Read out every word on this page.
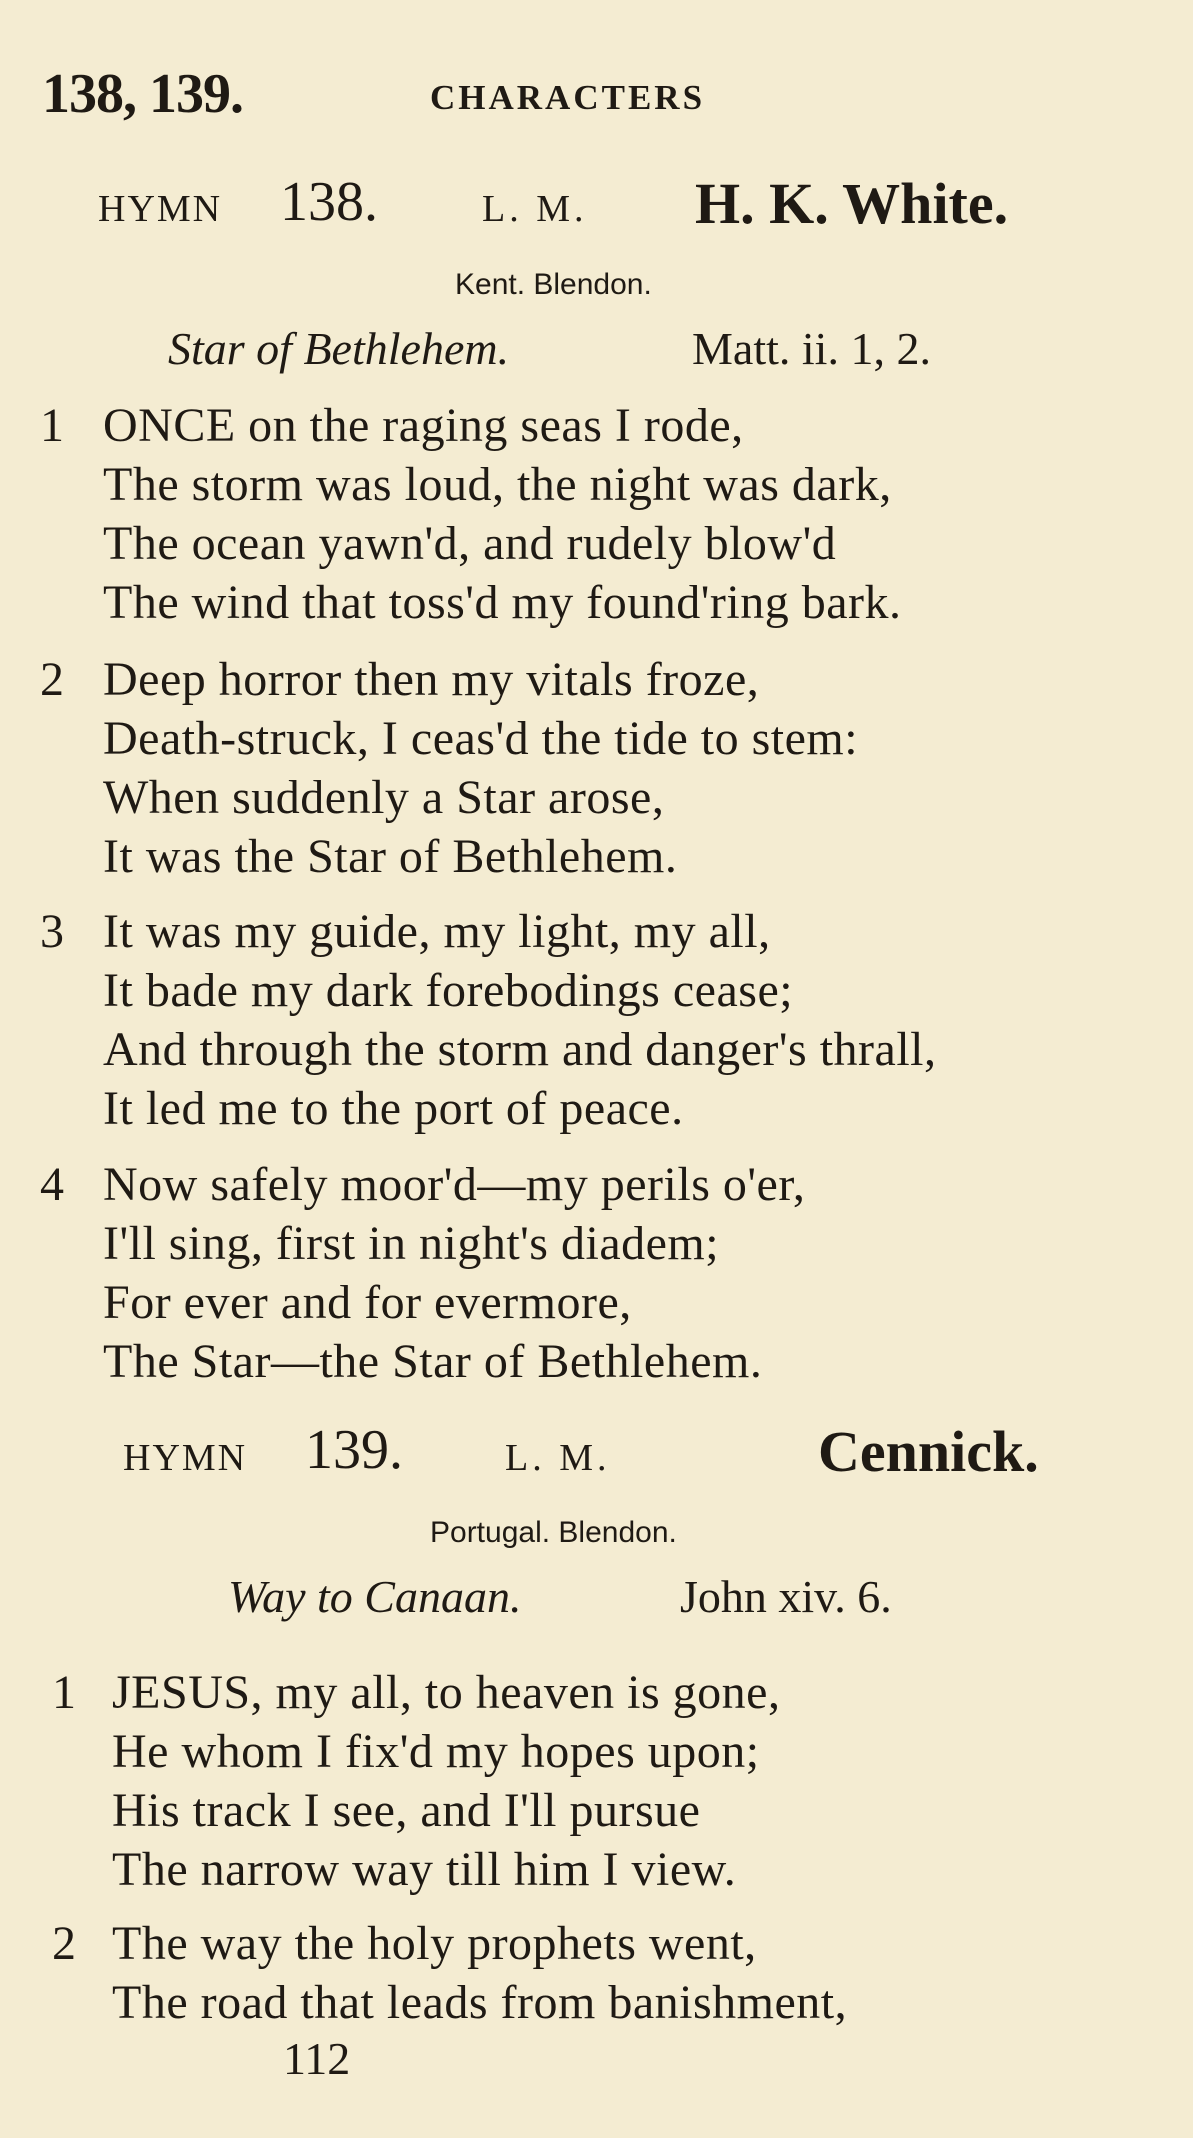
138, 139.	CHARACTERS
HYMN 138.	L. M. H. K. White.
Kent. Blendon.
Star of Bethlehem.	Matt. ii. 1, 2.
1 ONCE on the raging seas I rode,
The storm was loud, the night was dark,
The ocean yawn'd, and rudely blow'd
The wind that toss'd my found'ring bark.
2 Deep horror then my vitals froze,
Death-struck, I ceas'd the tide to stem:
When suddenly a Star arose,
It was the Star of Bethlehem.
3 It was my guide, my light, my all,
It bade my dark forebodings cease;
And through the storm and danger's thrall,
It led me to the port of peace.
4 Now safely moor'd—my perils o'er,
I'll sing, first in night's diadem;
For ever and for evermore,
The Star—the Star of Bethlehem.
HYMN 139.	L. M.	Cennick.
Portugal. Blendon.
Way to Canaan.	John xiv. 6.
1 JESUS, my all, to heaven is gone,
He whom I fix'd my hopes upon;
His track I see, and I'll pursue
The narrow way till him I view.
2 The way the holy prophets went,
The road that leads from banishment,
112
